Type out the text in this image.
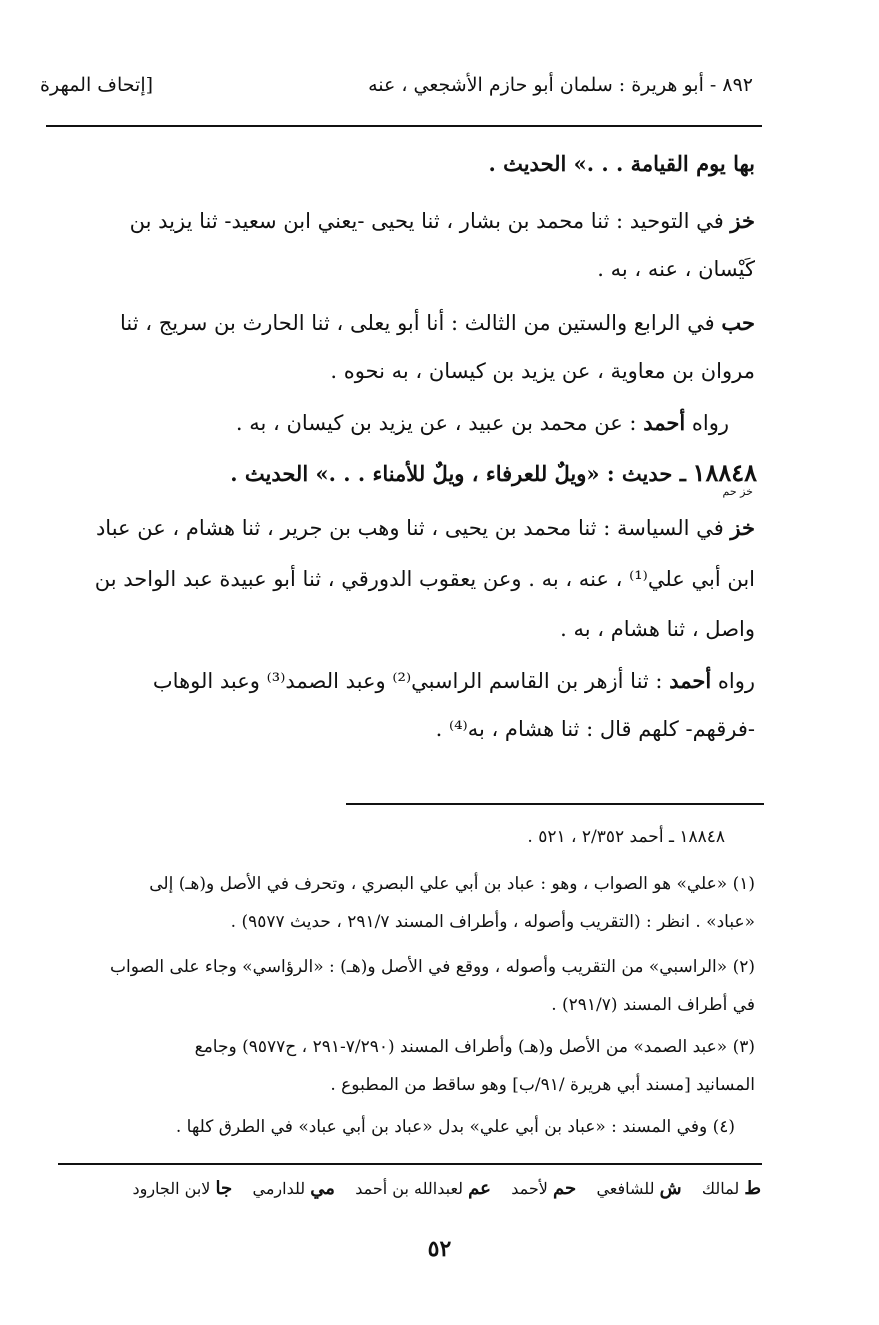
٨٩٢ - أبو هريرة : سلمان أبو حازم الأشجعي ، عنه
[إتحاف المهرة
بها يوم القيامة . . .» الحديث .
خز في التوحيد : ثنا محمد بن بشار ، ثنا يحيى -يعني ابن سعيد- ثنا يزيد بن
كَيْسان ، عنه ، به .
حب في الرابع والستين من الثالث : أنا أبو يعلى ، ثنا الحارث بن سريج ، ثنا
مروان بن معاوية ، عن يزيد بن كيسان ، به نحوه .
رواه أحمد : عن محمد بن عبيد ، عن يزيد بن كيسان ، به .
١٨٨٤٨ ـ حديث : «ويلٌ للعرفاء ، ويلٌ للأمناء . . .» الحديث .
خز حم
خز في السياسة : ثنا محمد بن يحيى ، ثنا وهب بن جرير ، ثنا هشام ، عن عباد
ابن أبي علي⁽¹⁾ ، عنه ، به . وعن يعقوب الدورقي ، ثنا أبو عبيدة عبد الواحد بن
واصل ، ثنا هشام ، به .
رواه أحمد : ثنا أزهر بن القاسم الراسبي⁽²⁾ وعبد الصمد⁽³⁾ وعبد الوهاب
-فرقهم- كلهم قال : ثنا هشام ، به⁽⁴⁾ .
١٨٨٤٨ ـ أحمد ٢/٣٥٢ ، ٥٢١ .
(١) «علي» هو الصواب ، وهو : عباد بن أبي علي البصري ، وتحرف في الأصل و(هـ) إلى
«عباد» . انظر : (التقريب وأصوله ، وأطراف المسند ٢٩١/٧ ، حديث ٩٥٧٧) .
(٢) «الراسبي» من التقريب وأصوله ، ووقع في الأصل و(هـ) : «الرؤاسي» وجاء على الصواب
في أطراف المسند (٢٩١/٧) .
(٣) «عبد الصمد» من الأصل و(هـ) وأطراف المسند (٧/٢٩٠-٢٩١ ، ح٩٥٧٧) وجامع
المسانيد [مسند أبي هريرة /٩١/ب] وهو ساقط من المطبوع .
(٤) وفي المسند : «عباد بن أبي علي» بدل «عباد بن أبي عباد» في الطرق كلها .
ط لمالك    ش للشافعي    حم لأحمد    عم لعبدالله بن أحمد    مي للدارمي    جا لابن الجارود
٥٢
